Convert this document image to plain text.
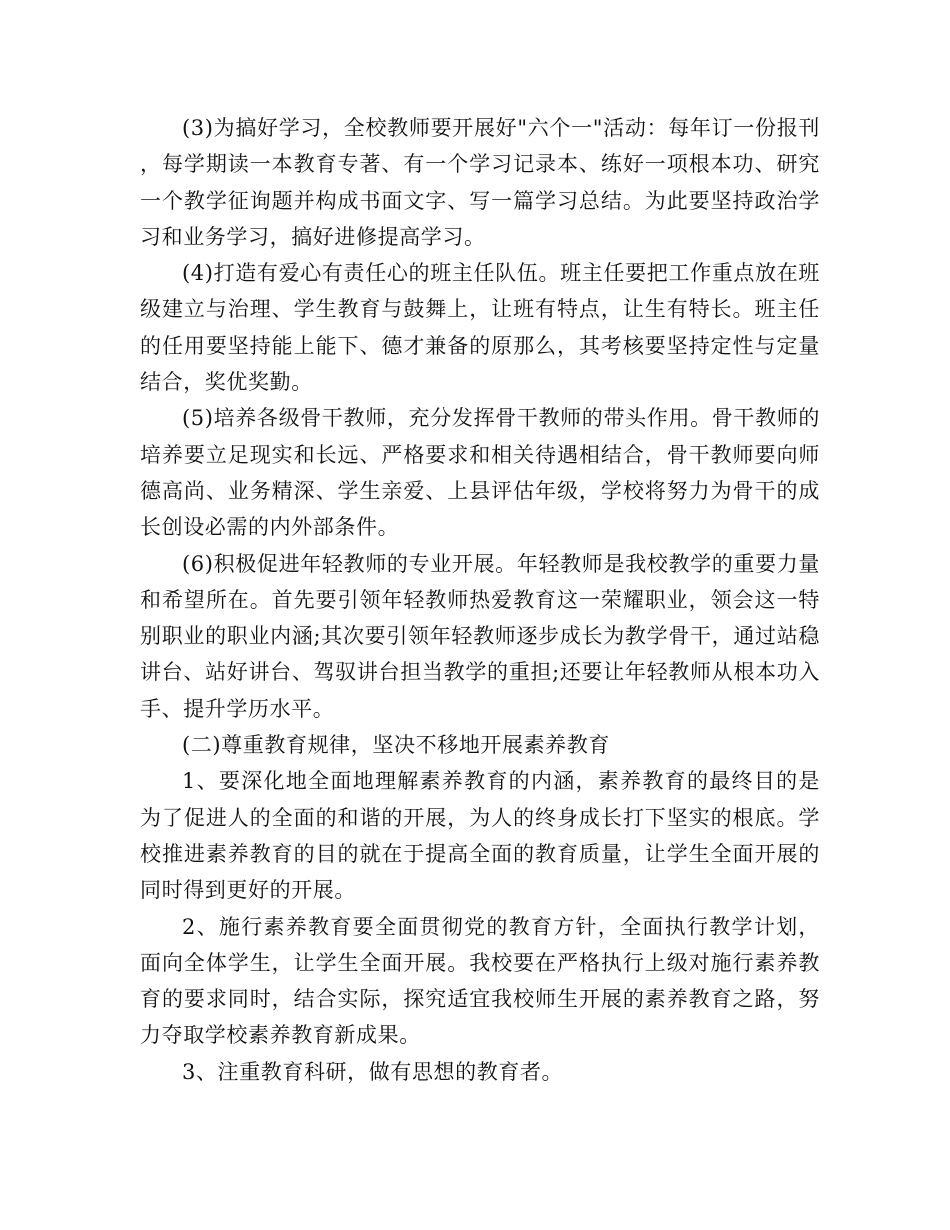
(3)为搞好学习，全校教师要开展好"六个一"活动：每年订一份报刊，每学期读一本教育专著、有一个学习记录本、练好一项根本功、研究一个教学征询题并构成书面文字、写一篇学习总结。为此要坚持政治学习和业务学习，搞好进修提高学习。

(4)打造有爱心有责任心的班主任队伍。班主任要把工作重点放在班级建立与治理、学生教育与鼓舞上，让班有特点，让生有特长。班主任的任用要坚持能上能下、德才兼备的原那么，其考核要坚持定性与定量结合，奖优奖勤。

(5)培养各级骨干教师，充分发挥骨干教师的带头作用。骨干教师的培养要立足现实和长远、严格要求和相关待遇相结合，骨干教师要向师德高尚、业务精深、学生亲爱、上县评估年级，学校将努力为骨干的成长创设必需的内外部条件。

(6)积极促进年轻教师的专业开展。年轻教师是我校教学的重要力量和希望所在。首先要引领年轻教师热爱教育这一荣耀职业，领会这一特别职业的职业内涵;其次要引领年轻教师逐步成长为教学骨干，通过站稳讲台、站好讲台、驾驭讲台担当教学的重担;还要让年轻教师从根本功入手、提升学历水平。

(二)尊重教育规律，坚决不移地开展素养教育

1、要深化地全面地理解素养教育的内涵，素养教育的最终目的是为了促进人的全面的和谐的开展，为人的终身成长打下坚实的根底。学校推进素养教育的目的就在于提高全面的教育质量，让学生全面开展的同时得到更好的开展。

2、施行素养教育要全面贯彻党的教育方针，全面执行教学计划，面向全体学生，让学生全面开展。我校要在严格执行上级对施行素养教育的要求同时，结合实际，探究适宜我校师生开展的素养教育之路，努力夺取学校素养教育新成果。

3、注重教育科研，做有思想的教育者。
